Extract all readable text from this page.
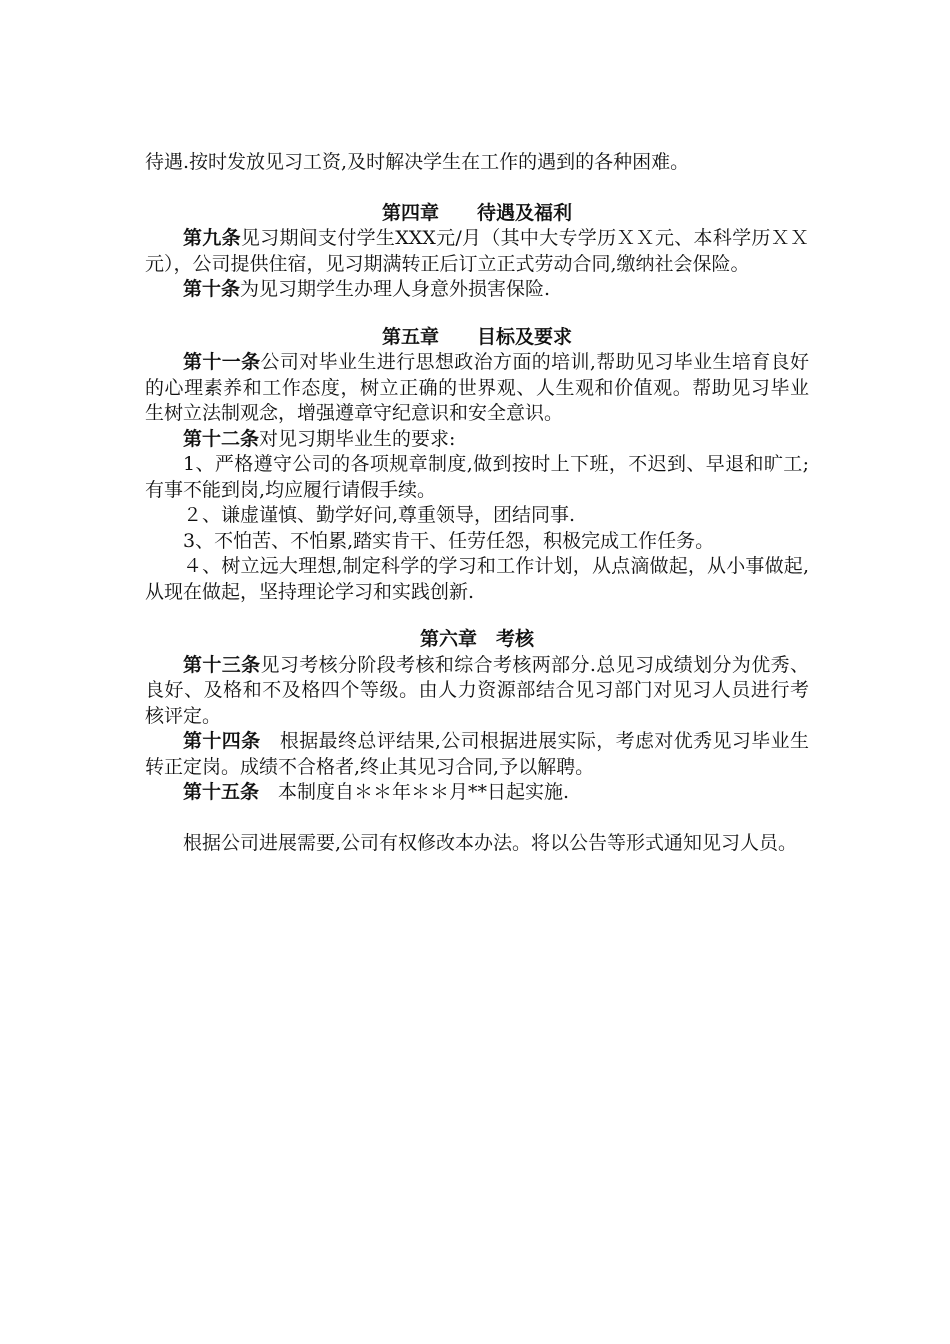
待遇.按时发放见习工资,及时解决学生在工作的遇到的各种困难。

第四章　　待遇及福利

第九条见习期间支付学生XXX元/月（其中大专学历ＸＸ元、本科学历ＸＸ元），公司提供住宿，见习期满转正后订立正式劳动合同,缴纳社会保险。

第十条为见习期学生办理人身意外损害保险.

第五章　　目标及要求

第十一条公司对毕业生进行思想政治方面的培训,帮助见习毕业生培育良好的心理素养和工作态度，树立正确的世界观、人生观和价值观。帮助见习毕业生树立法制观念，增强遵章守纪意识和安全意识。

第十二条对见习期毕业生的要求:

1、严格遵守公司的各项规章制度,做到按时上下班，不迟到、早退和旷工;有事不能到岗,均应履行请假手续。

２、谦虚谨慎、勤学好问,尊重领导，团结同事.

3、不怕苦、不怕累,踏实肯干、任劳任怨，积极完成工作任务。

４、树立远大理想,制定科学的学习和工作计划，从点滴做起，从小事做起,从现在做起，坚持理论学习和实践创新.

第六章　考核

第十三条见习考核分阶段考核和综合考核两部分.总见习成绩划分为优秀、良好、及格和不及格四个等级。由人力资源部结合见习部门对见习人员进行考核评定。

第十四条　根据最终总评结果,公司根据进展实际，考虑对优秀见习毕业生转正定岗。成绩不合格者,终止其见习合同,予以解聘。

第十五条　本制度自＊＊年＊＊月**日起实施.

根据公司进展需要,公司有权修改本办法。将以公告等形式通知见习人员。
